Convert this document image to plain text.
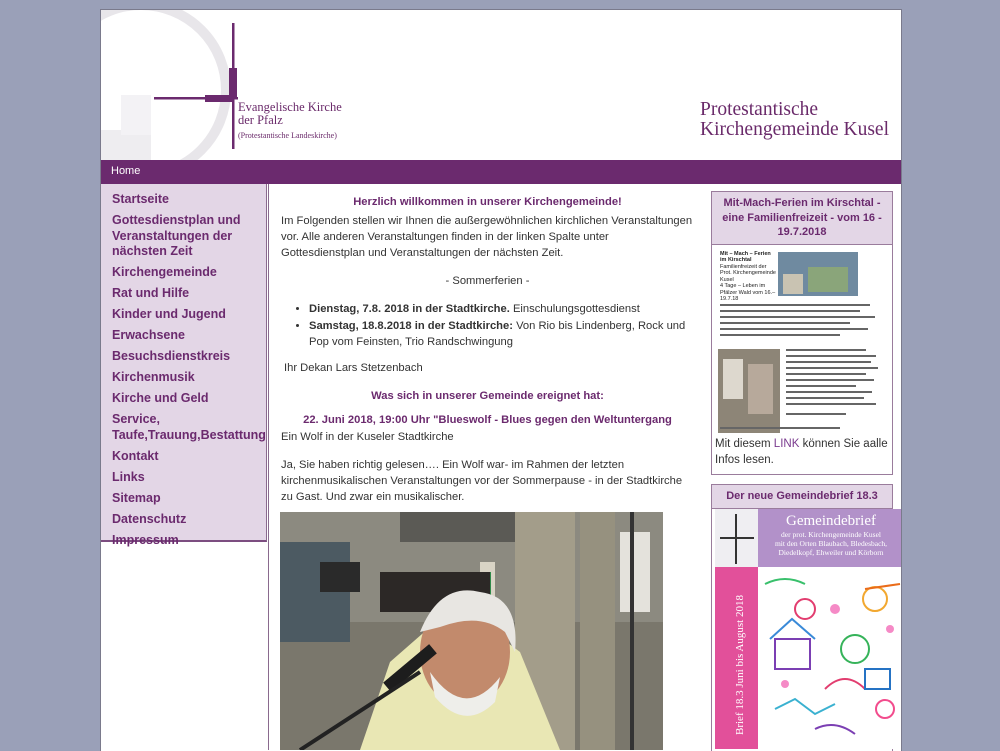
Evangelische Kirche
der Pfalz
(Protestantische Landeskirche)
Protestantische
Kirchengemeinde Kusel
Home
Startseite
Gottesdienstplan und Veranstaltungen der nächsten Zeit
Kirchengemeinde
Rat und Hilfe
Kinder und Jugend
Erwachsene
Besuchsdienstkreis
Kirchenmusik
Kirche und Geld
Service, Taufe,Trauung,Bestattung
Kontakt
Links
Sitemap
Datenschutz
Impressum
Herzlich willkommen in unserer Kirchengemeinde!

Im Folgenden stellen wir Ihnen die außergewöhnlichen kirchlichen Veranstaltungen vor. Alle anderen Veranstaltungen finden in der linken Spalte unter Gottesdienstplan und Veranstaltungen der nächsten Zeit.

- Sommerferien -

• Dienstag, 7.8. 2018 in der Stadtkirche. Einschulungsgottesdienst
• Samstag, 18.8.2018 in der Stadtkirche: Von Rio bis Lindenberg, Rock und Pop vom Feinsten, Trio Randschwingung

Ihr Dekan Lars Stetzenbach

Was sich in unserer Gemeinde ereignet hat:
22. Juni 2018, 19:00 Uhr "Blueswolf - Blues gegen den Weltuntergang

Ein Wolf in der Kuseler Stadtkirche

Ja, Sie haben richtig gelesen…. Ein Wolf war- im Rahmen der letzten kirchenmusikalischen Veranstaltungen vor der Sommerpause - in der Stadtkirche zu Gast. Und zwar ein musikalischer.

Mit-Mach-Ferien im Kirschtal - eine Familienfreizeit - vom 16 - 19.7.2018
Mit – Mach – Ferien im Kirschtal
Familienfreizeit der Prot. Kirchengemeinde Kusel
4 Tage – Leben im Pfälzer Wald vom 16.–19.7.18
Mit diesem LINK können Sie aalle Infos lesen.
Der neue Gemeindebrief 18.3
Gemeindebrief
der prot. Kirchengemeinde Kusel
mit den Orten Blaubach, Bledesbach,
Diedelkopf, Ehweiler und Körborn
Brief 18.3 Juni bis August 2018
